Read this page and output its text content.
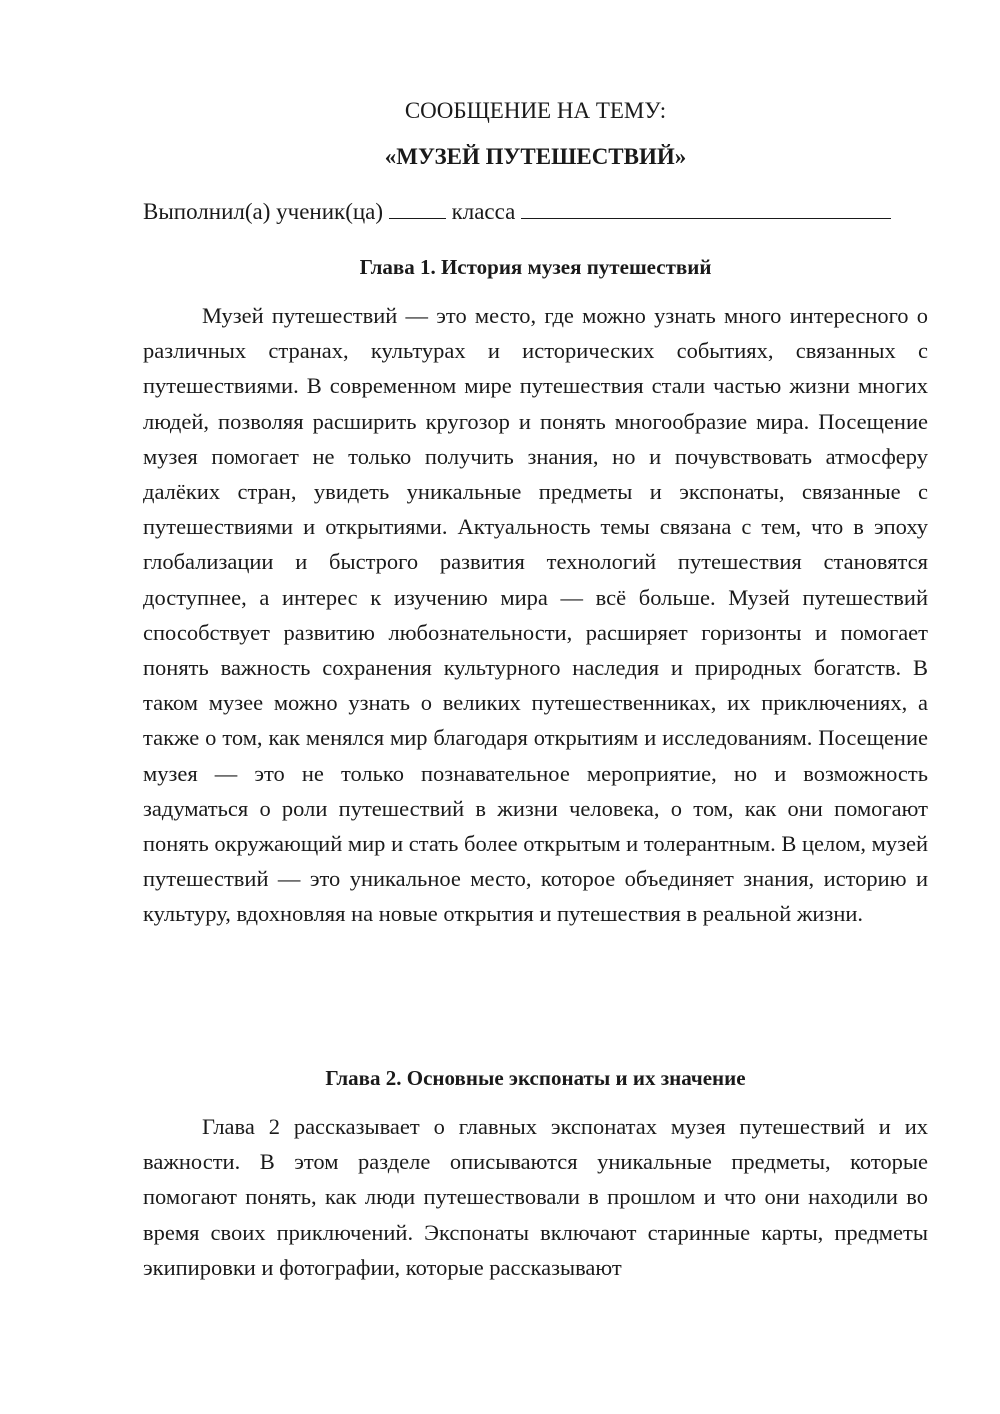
СООБЩЕНИЕ НА ТЕМУ:

«МУЗЕЙ ПУТЕШЕСТВИЙ»

Выполнил(а) ученик(ца)	класса

Глава 1. История музея путешествий

Музей путешествий — это место, где можно узнать много интересного о различных странах, культурах и исторических событиях, связанных с путешествиями. В современном мире путешествия стали частью жизни многих людей, позволяя расширить кругозор и понять многообразие мира. Посещение музея помогает не только получить знания, но и почувствовать атмосферу далёких стран, увидеть уникальные предметы и экспонаты, связанные с путешествиями и открытиями. Актуальность темы связана с тем, что в эпоху глобализации и быстрого развития технологий путешествия становятся доступнее, а интерес к изучению мира — всё больше. Музей путешествий способствует развитию любознательности, расширяет горизонты и помогает понять важность сохранения культурного наследия и природных богатств. В таком музее можно узнать о великих путешественниках, их приключениях, а также о том, как менялся мир благодаря открытиям и исследованиям. Посещение музея — это не только познавательное мероприятие, но и возможность задуматься о роли путешествий в жизни человека, о том, как они помогают понять окружающий мир и стать более открытым и толерантным. В целом, музей путешествий — это уникальное место, которое объединяет знания, историю и культуру, вдохновляя на новые открытия и путешествия в реальной жизни.

Глава 2. Основные экспонаты и их значение

Глава 2 рассказывает о главных экспонатах музея путешествий и их важности. В этом разделе описываются уникальные предметы, которые помогают понять, как люди путешествовали в прошлом и что они находили во время своих приключений. Экспонаты включают старинные карты, предметы экипировки и фотографии, которые рассказывают
